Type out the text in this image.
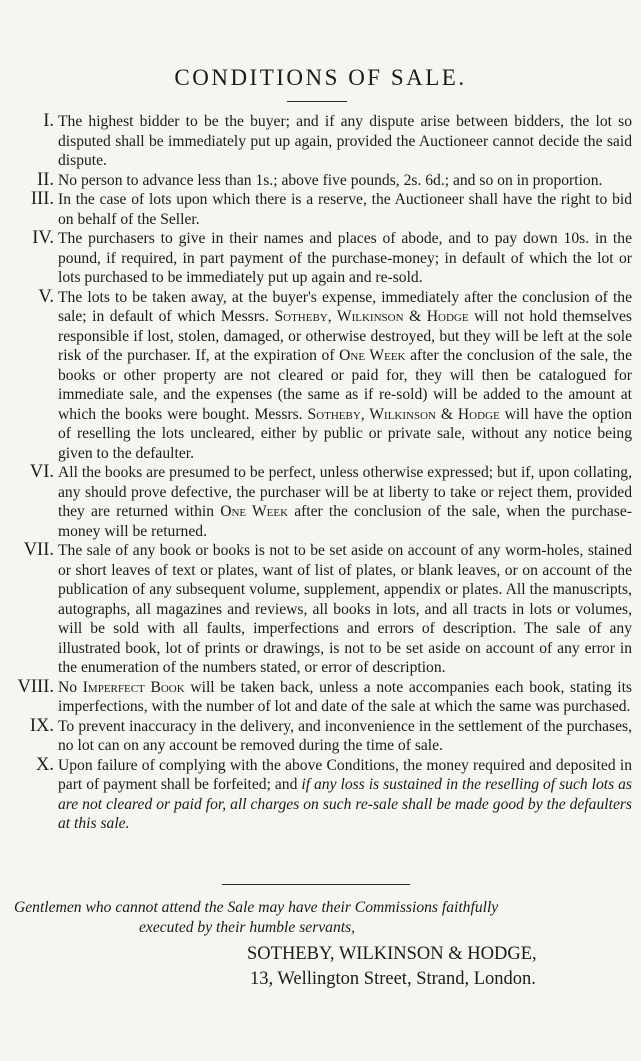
CONDITIONS OF SALE.
I. The highest bidder to be the buyer; and if any dispute arise between bidders, the lot so disputed shall be immediately put up again, provided the Auctioneer cannot decide the said dispute.
II. No person to advance less than 1s.; above five pounds, 2s. 6d.; and so on in proportion.
III. In the case of lots upon which there is a reserve, the Auctioneer shall have the right to bid on behalf of the Seller.
IV. The purchasers to give in their names and places of abode, and to pay down 10s. in the pound, if required, in part payment of the purchase-money; in default of which the lot or lots purchased to be immediately put up again and re-sold.
V. The lots to be taken away, at the buyer's expense, immediately after the conclusion of the sale; in default of which Messrs. Sotheby, Wilkinson & Hodge will not hold themselves responsible if lost, stolen, damaged, or otherwise destroyed, but they will be left at the sole risk of the purchaser. If, at the expiration of One Week after the conclusion of the sale, the books or other property are not cleared or paid for, they will then be catalogued for immediate sale, and the expenses (the same as if re-sold) will be added to the amount at which the books were bought. Messrs. Sotheby, Wilkinson & Hodge will have the option of reselling the lots uncleared, either by public or private sale, without any notice being given to the defaulter.
VI. All the books are presumed to be perfect, unless otherwise expressed; but if, upon collating, any should prove defective, the purchaser will be at liberty to take or reject them, provided they are returned within One Week after the conclusion of the sale, when the purchase-money will be returned.
VII. The sale of any book or books is not to be set aside on account of any worm-holes, stained or short leaves of text or plates, want of list of plates, or blank leaves, or on account of the publication of any subsequent volume, supplement, appendix or plates. All the manuscripts, autographs, all magazines and reviews, all books in lots, and all tracts in lots or volumes, will be sold with all faults, imperfections and errors of description. The sale of any illustrated book, lot of prints or drawings, is not to be set aside on account of any error in the enumeration of the numbers stated, or error of description.
VIII. No Imperfect Book will be taken back, unless a note accompanies each book, stating its imperfections, with the number of lot and date of the sale at which the same was purchased.
IX. To prevent inaccuracy in the delivery, and inconvenience in the settlement of the purchases, no lot can on any account be removed during the time of sale.
X. Upon failure of complying with the above Conditions, the money required and deposited in part of payment shall be forfeited; and if any loss is sustained in the reselling of such lots as are not cleared or paid for, all charges on such re-sale shall be made good by the defaulters at this sale.
Gentlemen who cannot attend the Sale may have their Commissions faithfully
executed by their humble servants,
SOTHEBY, WILKINSON & HODGE,
13, Wellington Street, Strand, London.
